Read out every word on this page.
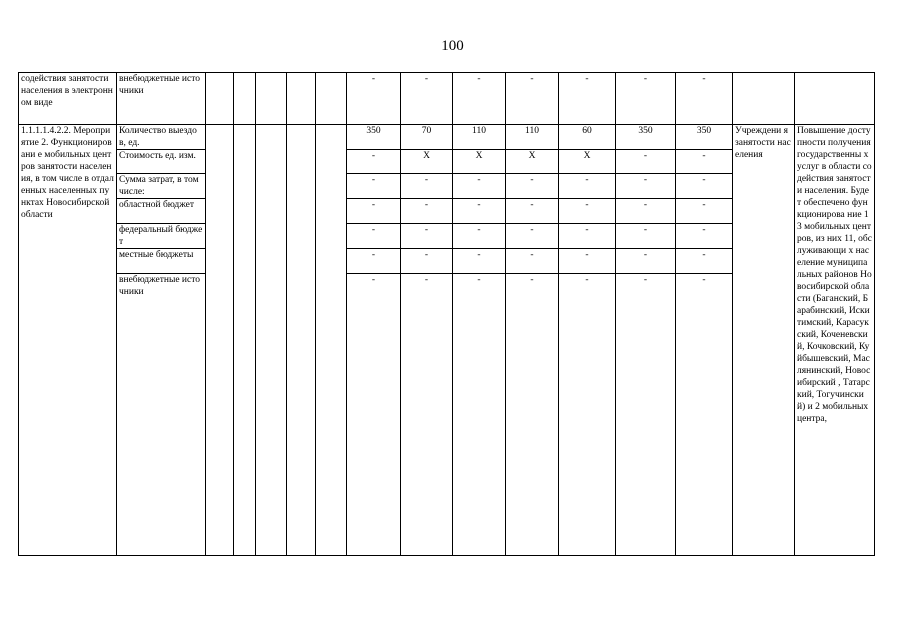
100
содействия занятости населения в электронном виде	внебюджетные источники						-	-	-	-	-	-	-		

1.1.1.1.4.2.2. Мероприятие 2. Функционировани е мобильных центров занятости населения, в том числе в отдаленных населенных пунктах Новосибирской области	Количество выездов, ед.						350	70	110	110	60	350	350	Учреждени я занятости населения	Повышение доступности получения государственны х услуг в области содействия занятости населения. Будет обеспечено функционирова ние 13 мобильных центров, из них 11, обслуживающи х население муниципальных районов Новосибирской области (Баганский, Барабинский, Искитимский, Карасукский, Коченевский, Кочковский, Куйбышевский, Маслянинский, Новосибирский , Татарский, Тогучинский) и 2 мобильных центра,

	Стоимость ед. изм.						-	X	X	X	X	-	-		

	Сумма затрат, в том числе:						-	-	-	-	-	-	-		

	областной бюджет						-	-	-	-	-	-	-		

	федеральный бюджет						-	-	-	-	-	-	-		

	местные бюджеты						-	-	-	-	-	-	-		

	внебюджетные источники						-	-	-	-	-	-	-		
